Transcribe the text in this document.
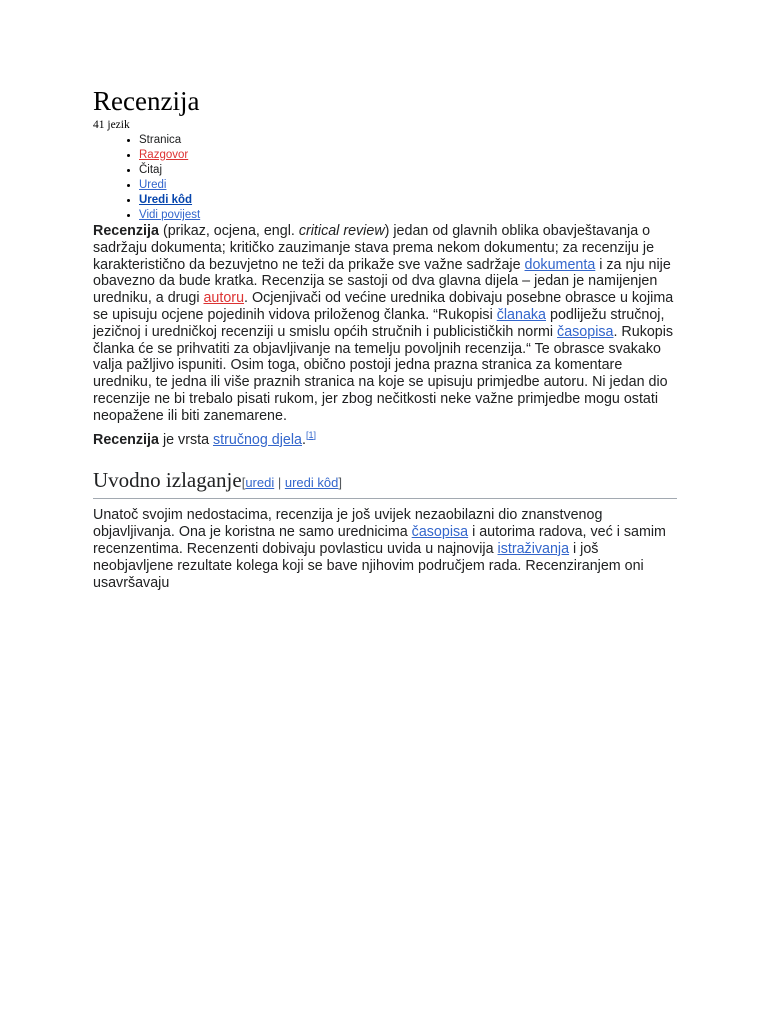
Recenzija
41 jezik
• Stranica
• Razgovor
• Čitaj
• Uredi
• Uredi kôd
• Vidi povijest

Recenzija (prikaz, ocjena, engl. critical review) jedan od glavnih oblika obavještavanja o sadržaju dokumenta; kritičko zauzimanje stava prema nekom dokumentu; za recenziju je karakteristično da bezuvjetno ne teži da prikaže sve važne sadržaje dokumenta i za nju nije obavezno da bude kratka. Recenzija se sastoji od dva glavna dijela – jedan je namijenjen uredniku, a drugi autoru. Ocjenjivači od većine urednika dobivaju posebne obrasce u kojima se upisuju ocjene pojedinih vidova priloženog članka. “Rukopisi članaka podliježu stručnoj, jezičnoj i uredničkoj recenziji u smislu općih stručnih i publicističkih normi časopisa. Rukopis članka će se prihvatiti za objavljivanje na temelju povoljnih recenzija.“ Te obrasce svakako valja pažljivo ispuniti. Osim toga, obično postoji jedna prazna stranica za komentare uredniku, te jedna ili više praznih stranica na koje se upisuju primjedbe autoru. Ni jedan dio recenzije ne bi trebalo pisati rukom, jer zbog nečitkosti neke važne primjedbe mogu ostati neopažene ili biti zanemarene.

Recenzija je vrsta stručnog djela.[1]

Uvodno izlaganje[uredi | uredi kôd]

Unatoč svojim nedostacima, recenzija je još uvijek nezaobilazni dio znanstvenog objavljivanja. Ona je koristna ne samo urednicima časopisa i autorima radova, već i samim recenzentima. Recenzenti dobivaju povlasticu uvida u najnovija istraživanja i još neobjavljene rezultate kolega koji se bave njihovim područjem rada. Recenziranjem oni usavršavaju
